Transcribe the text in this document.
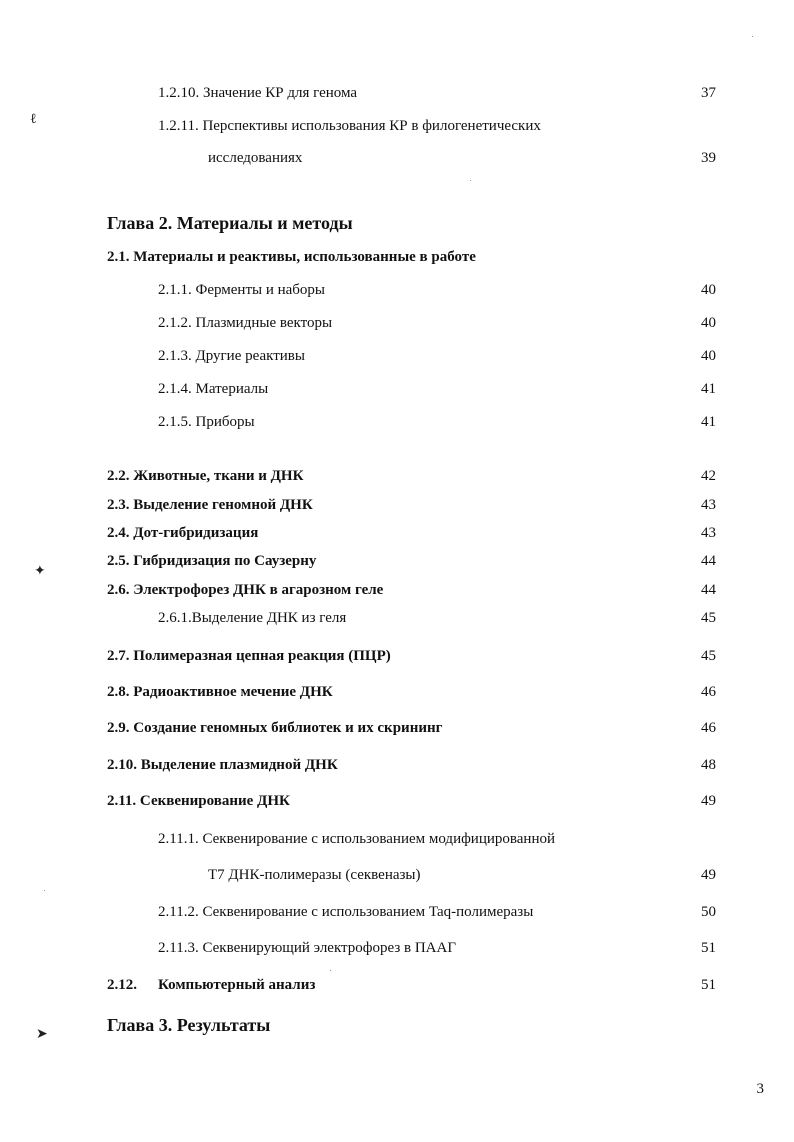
ℓ
✦
➤
1.2.10. Значение КР для генома	37
1.2.11. Перспективы использования КР в филогенетических
исследованиях	39
Глава 2. Материалы и методы
2.1. Материалы и реактивы, использованные в работе
2.1.1. Ферменты и наборы	40
2.1.2. Плазмидные векторы	40
2.1.3. Другие реактивы	40
2.1.4. Материалы	41
2.1.5. Приборы	41
2.2. Животные, ткани и ДНК	42
2.3. Выделение геномной ДНК	43
2.4. Дот-гибридизация	43
2.5. Гибридизация по Саузерну	44
2.6. Электрофорез ДНК в агарозном геле	44
2.6.1.Выделение ДНК из геля	45
2.7. Полимеразная цепная реакция (ПЦР)	45
2.8. Радиоактивное мечение ДНК	46
2.9. Создание геномных библиотек и их скрининг	46
2.10. Выделение плазмидной ДНК	48
2.11. Секвенирование ДНК	49
2.11.1. Секвенирование с использованием модифицированной
Т7 ДНК-полимеразы (секвеназы)	49
2.11.2. Секвенирование с использованием Taq-полимеразы	50
2.11.3. Секвенирующий электрофорез в ПААГ	51
2.12. Компьютерный анализ	51
Глава 3. Результаты
3
